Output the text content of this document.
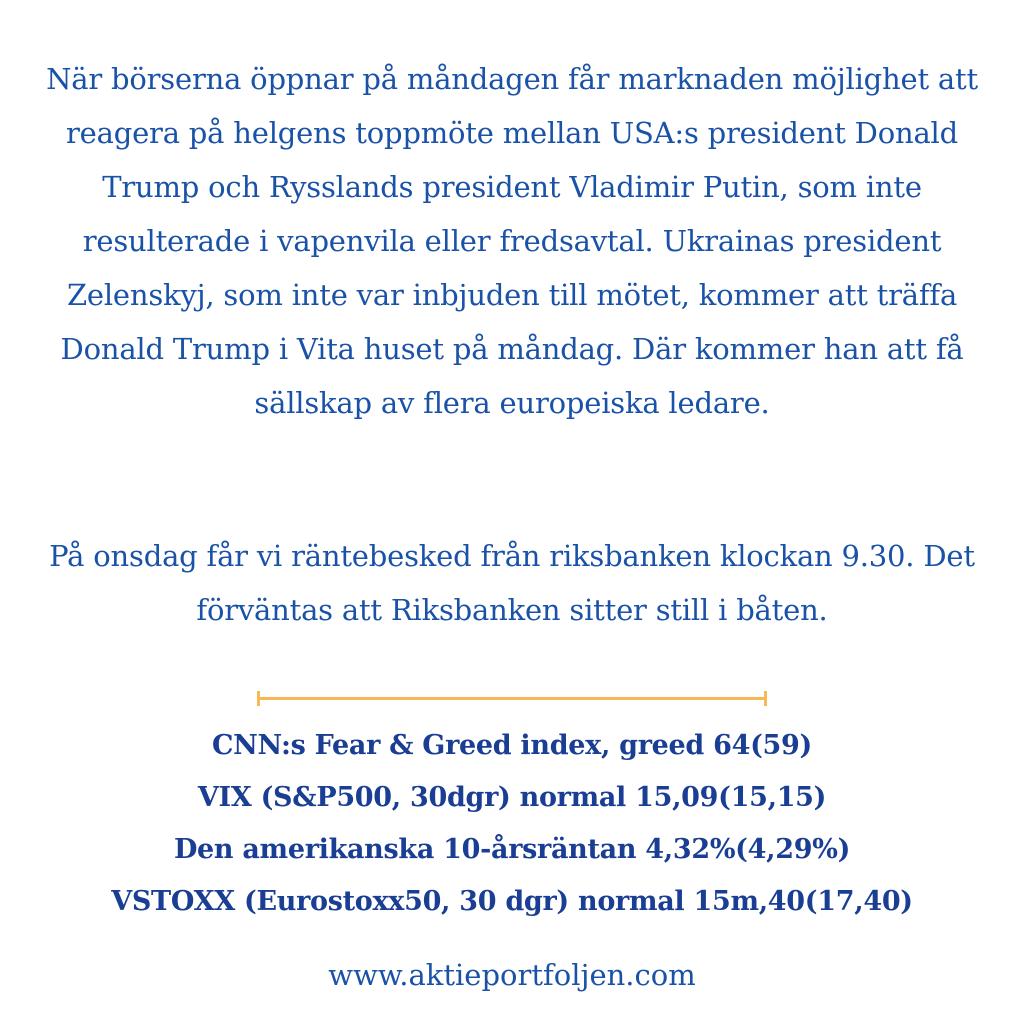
När börserna öppnar på måndagen får marknaden möjlighet att reagera på helgens toppmöte mellan USA:s president Donald Trump och Rysslands president Vladimir Putin, som inte resulterade i vapenvila eller fredsavtal. Ukrainas president Zelenskyj, som inte var inbjuden till mötet, kommer att träffa Donald Trump i Vita huset på måndag. Där kommer han att få sällskap av flera europeiska ledare.

På onsdag får vi räntebesked från riksbanken klockan 9.30. Det förväntas att Riksbanken sitter still i båten.

CNN:s Fear & Greed index, greed 64(59)
VIX (S&P500, 30dgr) normal 15,09(15,15)
Den amerikanska 10-årsräntan 4,32%(4,29%)
VSTOXX (Eurostoxx50, 30 dgr) normal 15m,40(17,40)
www.aktieportfoljen.com
